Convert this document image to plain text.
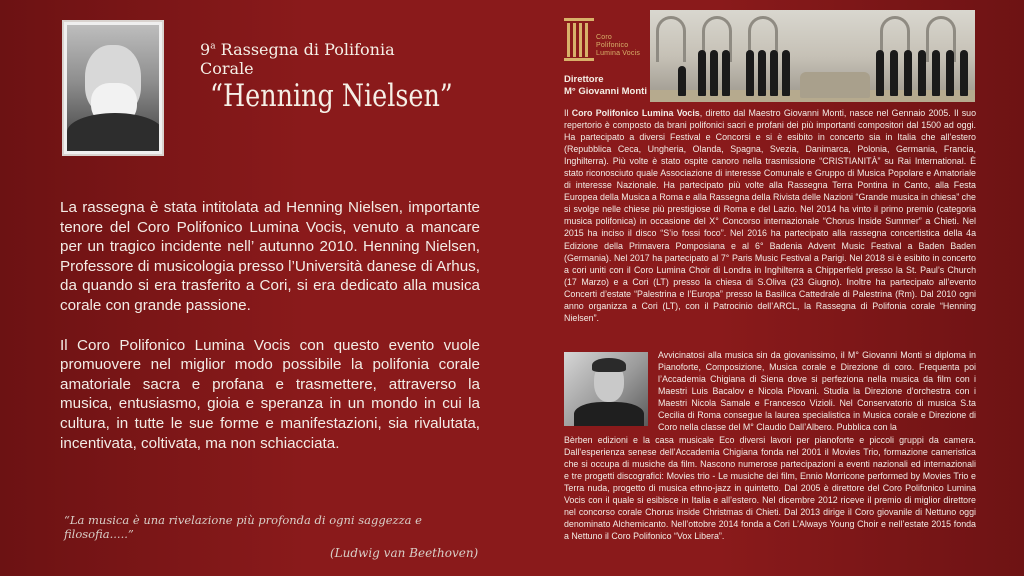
9$^a$ Rassegna di Polifonia Corale
“Henning Nielsen”

La rassegna è stata intitolata ad Henning Nielsen, importante tenore del Coro Polifonico Lumina Vocis, venuto a mancare per un tragico incidente nell’ autunno 2010. Henning Nielsen, Professore di musicologia presso l’Università danese di Arhus, da quando si era trasferito a Cori, si era dedicato alla musica corale con grande passione.

Il Coro Polifonico Lumina Vocis con questo evento vuole promuovere nel miglior modo possibile la polifonia corale amatoriale sacra e profana e trasmettere, attraverso la musica, entusiasmo, gioia e speranza in un mondo in cui la cultura, in tutte le sue forme e manifestazioni, sia rivalutata, incentivata, coltivata, ma non schiacciata.

“La musica è una rivelazione più profonda di ogni saggezza e filosofia.....”
(Ludwig van Beethoven)
Coro
Polifonico
Lumina Vocis
Direttore
M° Giovanni Monti
Il Coro Polifonico Lumina Vocis, diretto dal Maestro Giovanni Monti, nasce nel Gennaio 2005. Il suo repertorio è composto da brani polifonici sacri e profani dei più importanti compositori dal 1500 ad oggi. Ha partecipato a diversi Festival e Concorsi e si è esibito in concerto sia in Italia che all’estero (Repubblica Ceca, Ungheria, Olanda, Spagna, Svezia, Danimarca, Polonia, Germania, Francia, Inghilterra). Più volte è stato ospite canoro nella trasmissione “CRISTIANITÀ” su Rai International. È stato riconosciuto quale Associazione di interesse Comunale e Gruppo di Musica Popolare e Amatoriale di interesse Nazionale. Ha partecipato più volte alla Rassegna Terra Pontina in Canto, alla Festa Europea della Musica a Roma e alla Rassegna della Rivista delle Nazioni “Grande musica in chiesa” che si svolge nelle chiese più prestigiose di Roma e del Lazio. Nel 2014 ha vinto il primo premio (categoria musica polifonica) in occasione del X° Concorso internazionale “Chorus Inside Summer” a Chieti. Nel 2015 ha inciso il disco “S’io fossi foco”. Nel 2016 ha partecipato alla rassegna concertistica della 4a Edizione della Primavera Pomposiana e al 6° Badenia Advent Music Festival a Baden Baden (Germania). Nel 2017 ha partecipato al 7° Paris Music Festival a Parigi. Nel 2018 si è esibito in concerto a cori uniti con il Coro Lumina Choir di Londra in Inghilterra a Chipperfield presso la St. Paul’s Church (17 Marzo) e a Cori (LT) presso la chiesa di S.Oliva (23 Giugno). Inoltre ha partecipato all’evento Concerti d’estate “Palestrina e l’Europa” presso la Basilica Cattedrale di Palestrina (Rm). Dal 2010 ogni anno organizza a Cori (LT), con il Patrocinio dell’ARCL, la Rassegna di Polifonia corale “Henning Nielsen”.
Avvicinatosi alla musica sin da giovanissimo, il M° Giovanni Monti si diploma in Pianoforte, Composizione, Musica corale e Direzione di coro. Frequenta poi l’Accademia Chigiana di Siena dove si perfeziona nella musica da film con i Maestri Luis Bacalov e Nicola Piovani. Studia la Direzione d’orchestra con i Maestri Nicola Samale e Francesco Vizioli. Nel Conservatorio di musica S.ta Cecilia di Roma consegue la laurea specialistica in Musica corale e Direzione di Coro nella classe del M° Claudio Dall’Albero. Pubblica con la
Bèrben edizioni e la casa musicale Eco diversi lavori per pianoforte e piccoli gruppi da camera. Dall’esperienza senese dell’Accademia Chigiana fonda nel 2001 il Movies Trio, formazione cameristica che si occupa di musiche da film. Nascono numerose partecipazioni a eventi nazionali ed internazionali e tre progetti discografici: Movies trio - Le musiche dei film, Ennio Morricone performed by Movies Trio e Terra nuda, progetto di musica ethno-jazz in quintetto. Dal 2005 è direttore del Coro Polifonico Lumina Vocis con il quale si esibisce in Italia e all’estero. Nel dicembre 2012 riceve il premio di miglior direttore nel concorso corale Chorus inside Christmas di Chieti. Dal 2013 dirige il Coro giovanile di Nettuno oggi denominato Alchemicanto. Nell’ottobre 2014 fonda a Cori L’Always Young Choir e nell’estate 2015 fonda a Nettuno il Coro Polifonico “Vox Libera”.
